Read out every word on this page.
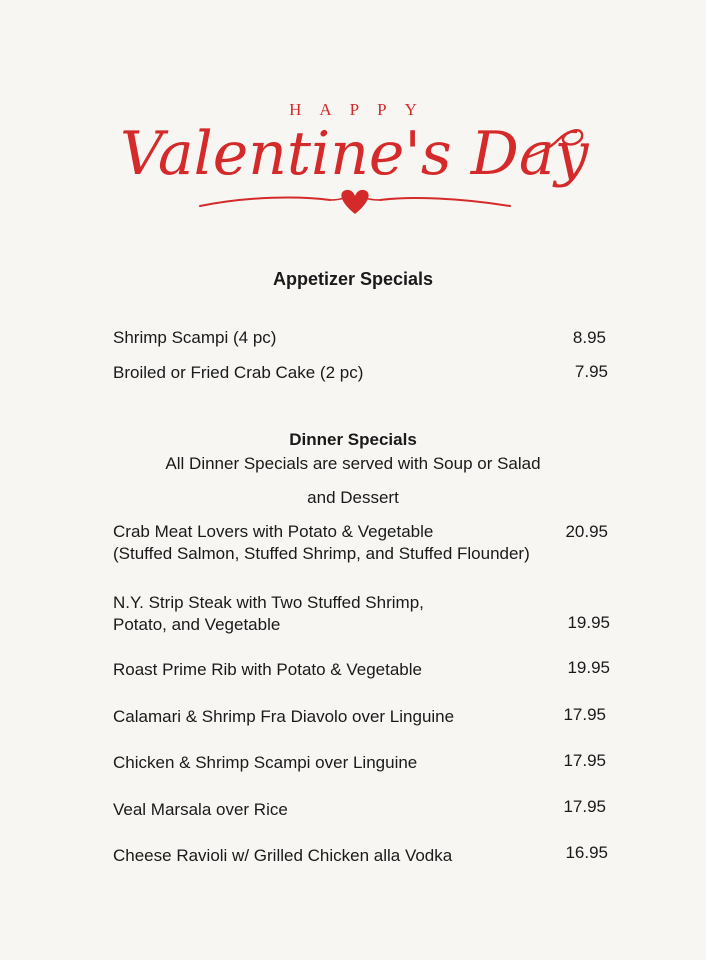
HAPPY
Valentine's Day
Appetizer Specials
Shrimp Scampi (4 pc)	8.95
Broiled or Fried Crab Cake (2 pc)	7.95
Dinner Specials
All Dinner Specials are served with Soup or Salad
and Dessert
Crab Meat Lovers with Potato & Vegetable	20.95
(Stuffed Salmon, Stuffed Shrimp, and Stuffed Flounder)
N.Y. Strip Steak with Two Stuffed Shrimp,
Potato, and Vegetable	19.95
Roast Prime Rib with Potato & Vegetable	19.95
Calamari & Shrimp Fra Diavolo over Linguine	17.95
Chicken & Shrimp Scampi over Linguine	17.95
Veal Marsala over Rice	17.95
Cheese Ravioli w/ Grilled Chicken alla Vodka	16.95
